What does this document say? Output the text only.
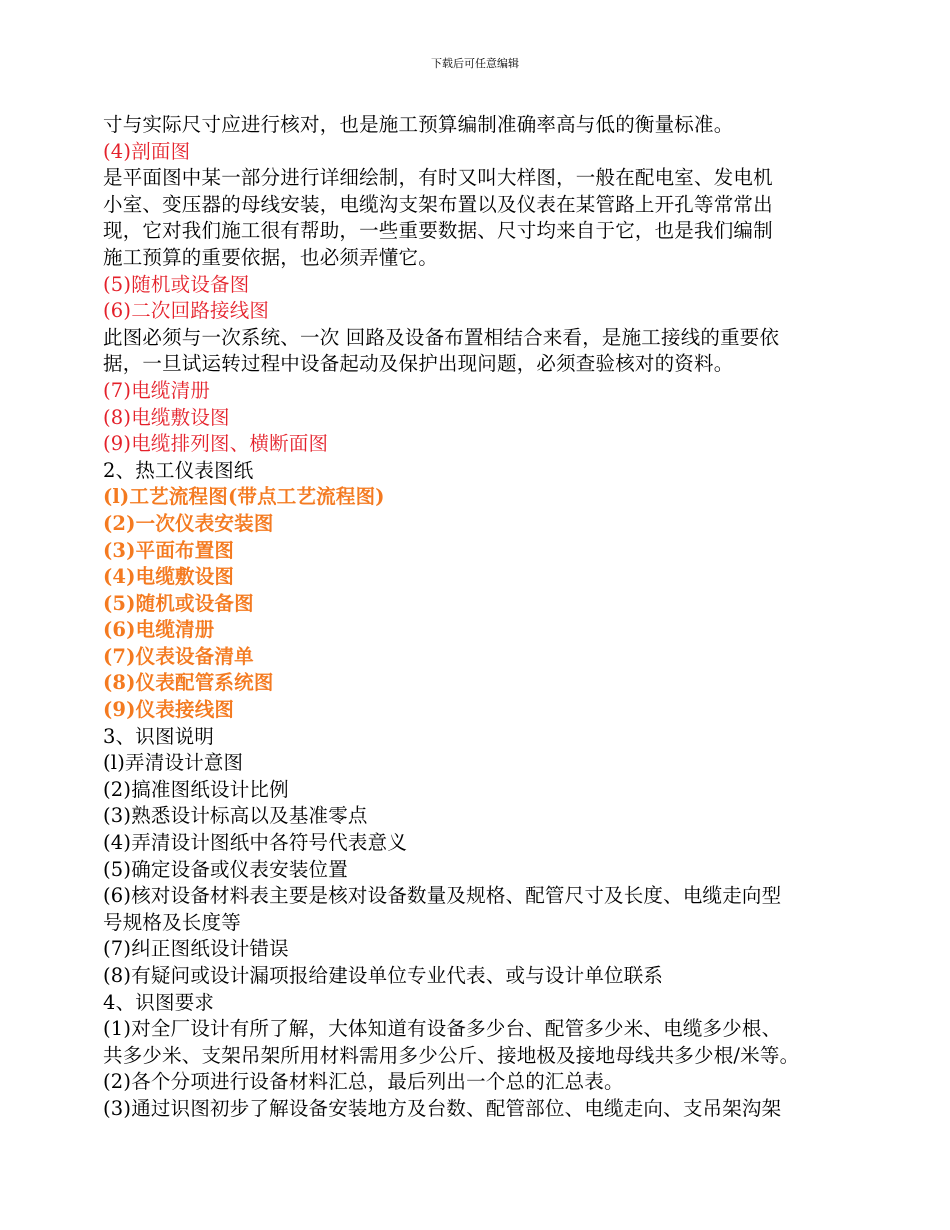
下载后可任意编辑
寸与实际尺寸应进行核对，也是施工预算编制准确率高与低的衡量标准。
(4)剖面图
是平面图中某一部分进行详细绘制，有时又叫大样图，一般在配电室、发电机
小室、变压器的母线安装，电缆沟支架布置以及仪表在某管路上开孔等常常出
现，它对我们施工很有帮助，一些重要数据、尺寸均来自于它，也是我们编制
施工预算的重要依据，也必须弄懂它。
(5)随机或设备图
(6)二次回路接线图
此图必须与一次系统、一次 回路及设备布置相结合来看，是施工接线的重要依
据，一旦试运转过程中设备起动及保护出现问题，必须查验核对的资料。
(7)电缆清册
(8)电缆敷设图
(9)电缆排列图、横断面图
2、热工仪表图纸
(l)工艺流程图(带点工艺流程图)
(2)一次仪表安装图
(3)平面布置图
(4)电缆敷设图
(5)随机或设备图
(6)电缆清册
(7)仪表设备清单
(8)仪表配管系统图
(9)仪表接线图
3、识图说明
(l)弄清设计意图
(2)搞准图纸设计比例
(3)熟悉设计标高以及基准零点
(4)弄清设计图纸中各符号代表意义
(5)确定设备或仪表安装位置
(6)核对设备材料表主要是核对设备数量及规格、配管尺寸及长度、电缆走向型
号规格及长度等
(7)纠正图纸设计错误
(8)有疑问或设计漏项报给建设单位专业代表、或与设计单位联系
4、识图要求
(1)对全厂设计有所了解，大体知道有设备多少台、配管多少米、电缆多少根、
共多少米、支架吊架所用材料需用多少公斤、接地极及接地母线共多少根/米等。
(2)各个分项进行设备材料汇总，最后列出一个总的汇总表。
(3)通过识图初步了解设备安装地方及台数、配管部位、电缆走向、支吊架沟架
